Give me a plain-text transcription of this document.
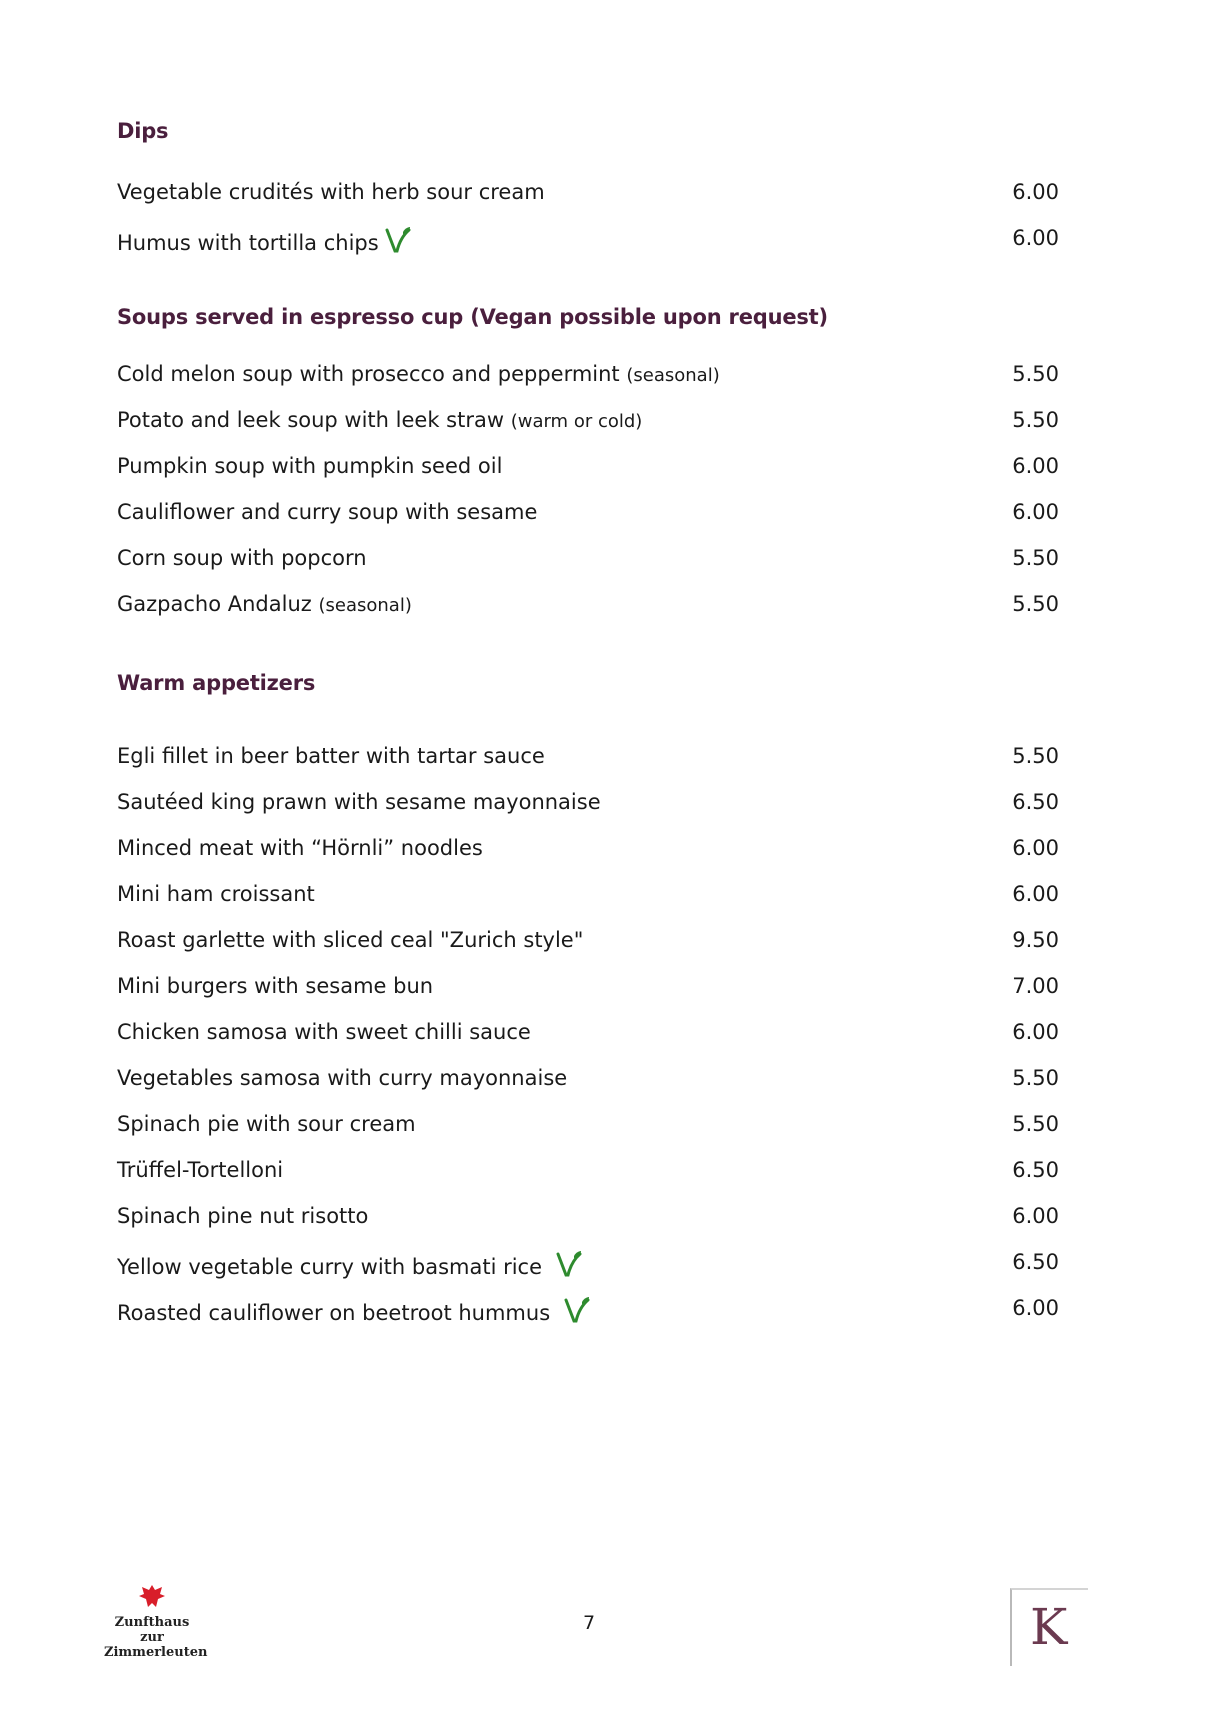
Dips
Vegetable crudités with herb sour cream	6.00
Humus with tortilla chips	6.00
Soups served in espresso cup (Vegan possible upon request)
Cold melon soup with prosecco and peppermint (seasonal)	5.50
Potato and leek soup with leek straw (warm or cold)	5.50
Pumpkin soup with pumpkin seed oil	6.00
Cauliflower and curry soup with sesame	6.00
Corn soup with popcorn	5.50
Gazpacho Andaluz (seasonal)	5.50
Warm appetizers
Egli fillet in beer batter with tartar sauce	5.50
Sautéed king prawn with sesame mayonnaise	6.50
Minced meat with “Hörnli” noodles	6.00
Mini ham croissant	6.00
Roast garlette with sliced ceal "Zurich style"	9.50
Mini burgers with sesame bun	7.00
Chicken samosa with sweet chilli sauce	6.00
Vegetables samosa with curry mayonnaise	5.50
Spinach pie with sour cream	5.50
Trüffel-Tortelloni	6.50
Spinach pine nut risotto	6.00
Yellow vegetable curry with basmati rice	6.50
Roasted cauliflower on beetroot hummus	6.00
Zunfthaus
zur
Zimmerleuten
7	K
